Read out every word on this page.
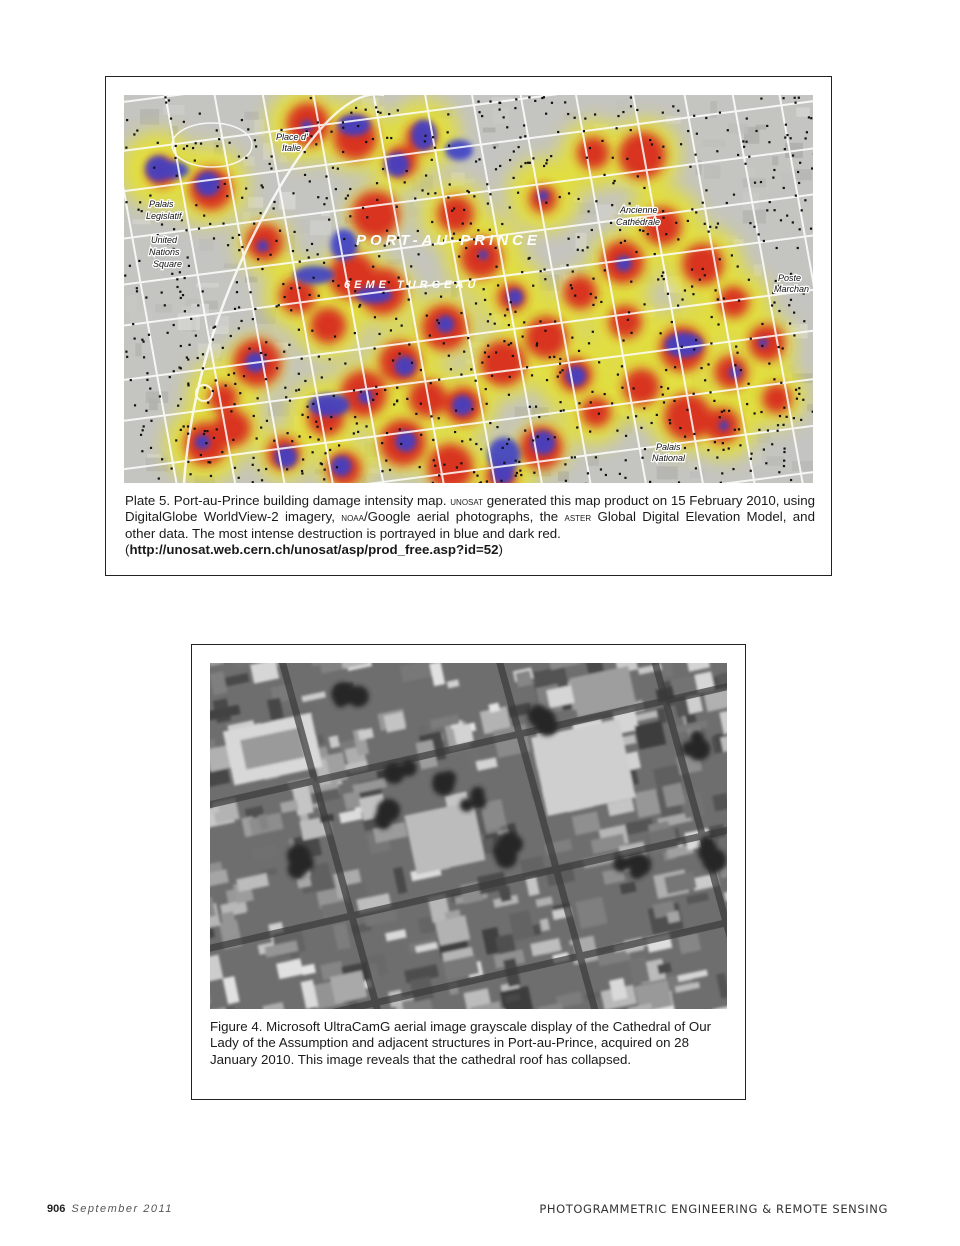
Place d'
Italie
Palais
Legislatif
United
Nations
Square
PORT-AU-PRINCE
6EME TURGEAU
Ancienne
Cathédrale
Poste
Marchan
Palais
National
Plate 5. Port-au-Prince building damage intensity map. unosat generated this map product on 15 February 2010, using DigitalGlobe WorldView-2 imagery, noaa/Google aerial photographs, the aster Global Digital Elevation Model, and other data. The most intense destruction is portrayed in blue and dark red.
(http://unosat.web.cern.ch/unosat/asp/prod_free.asp?id=52)
Figure 4. Microsoft UltraCamG aerial image grayscale display of the Cathedral of Our Lady of the Assumption and adjacent structures in Port-au-Prince, acquired on 28 January 2010. This image reveals that the cathedral roof has collapsed.
906 September 2011	PHOTOGRAMMETRIC ENGINEERING & REMOTE SENSING
